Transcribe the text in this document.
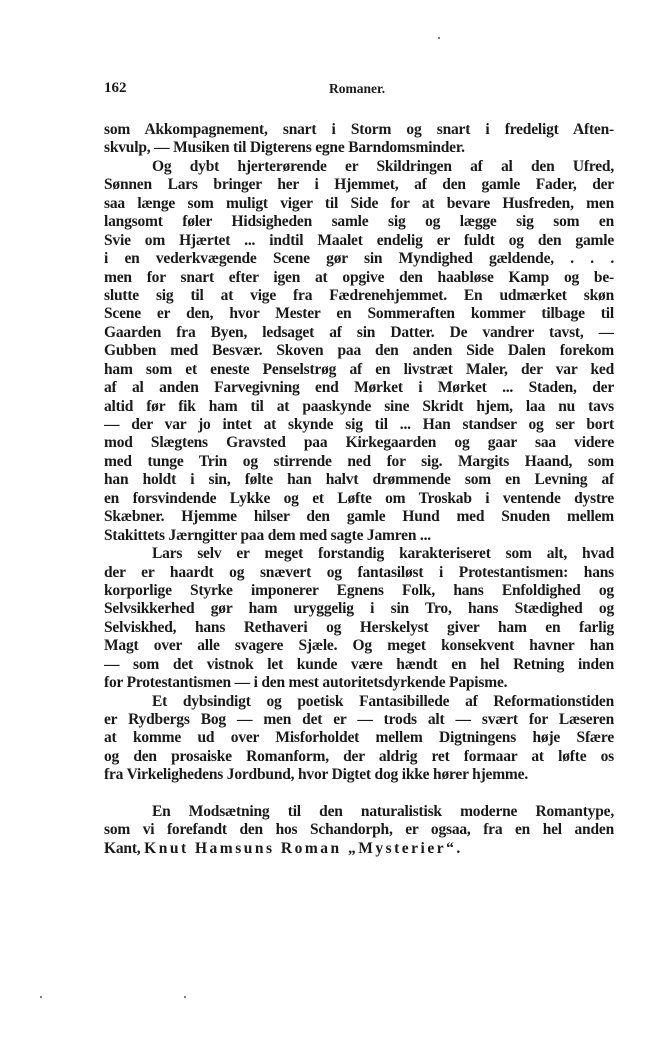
162	Romaner.
som Akkompagnement, snart i Storm og snart i fredeligt Aften-
skvulp, — Musiken til Digterens egne Barndomsminder.
Og dybt hjerterørende er Skildringen af al den Ufred,
Sønnen Lars bringer her i Hjemmet, af den gamle Fader, der
saa længe som muligt viger til Side for at bevare Husfreden, men
langsomt føler Hidsigheden samle sig og lægge sig som en
Svie om Hjærtet ... indtil Maalet endelig er fuldt og den gamle
i en vederkvægende Scene gør sin Myndighed gældende, . . .
men for snart efter igen at opgive den haabløse Kamp og be-
slutte sig til at vige fra Fædrenehjemmet. En udmærket skøn
Scene er den, hvor Mester en Sommeraften kommer tilbage til
Gaarden fra Byen, ledsaget af sin Datter. De vandrer tavst, —
Gubben med Besvær. Skoven paa den anden Side Dalen forekom
ham som et eneste Penselstrøg af en livstræt Maler, der var ked
af al anden Farvegivning end Mørket i Mørket ... Staden, der
altid før fik ham til at paaskynde sine Skridt hjem, laa nu tavs
— der var jo intet at skynde sig til ... Han standser og ser bort
mod Slægtens Gravsted paa Kirkegaarden og gaar saa videre
med tunge Trin og stirrende ned for sig. Margits Haand, som
han holdt i sin, følte han halvt drømmende som en Levning af
en forsvindende Lykke og et Løfte om Troskab i ventende dystre
Skæbner. Hjemme hilser den gamle Hund med Snuden mellem
Stakittets Jærngitter paa dem med sagte Jamren ...
Lars selv er meget forstandig karakteriseret som alt, hvad
der er haardt og snævert og fantasiløst i Protestantismen: hans
korporlige Styrke imponerer Egnens Folk, hans Enfoldighed og
Selvsikkerhed gør ham uryggelig i sin Tro, hans Stædighed og
Selviskhed, hans Rethaveri og Herskelyst giver ham en farlig
Magt over alle svagere Sjæle. Og meget konsekvent havner han
— som det vistnok let kunde være hændt en hel Retning inden
for Protestantismen — i den mest autoritetsdyrkende Papisme.
Et dybsindigt og poetisk Fantasibillede af Reformationstiden
er Rydbergs Bog — men det er — trods alt — svært for Læseren
at komme ud over Misforholdet mellem Digtningens høje Sfære
og den prosaiske Romanform, der aldrig ret formaar at løfte os
fra Virkelighedens Jordbund, hvor Digtet dog ikke hører hjemme.
En Modsætning til den naturalistisk moderne Romantype,
som vi forefandt den hos Schandorph, er ogsaa, fra en hel anden
Kant, Knut Hamsuns Roman „Mysterier“.
